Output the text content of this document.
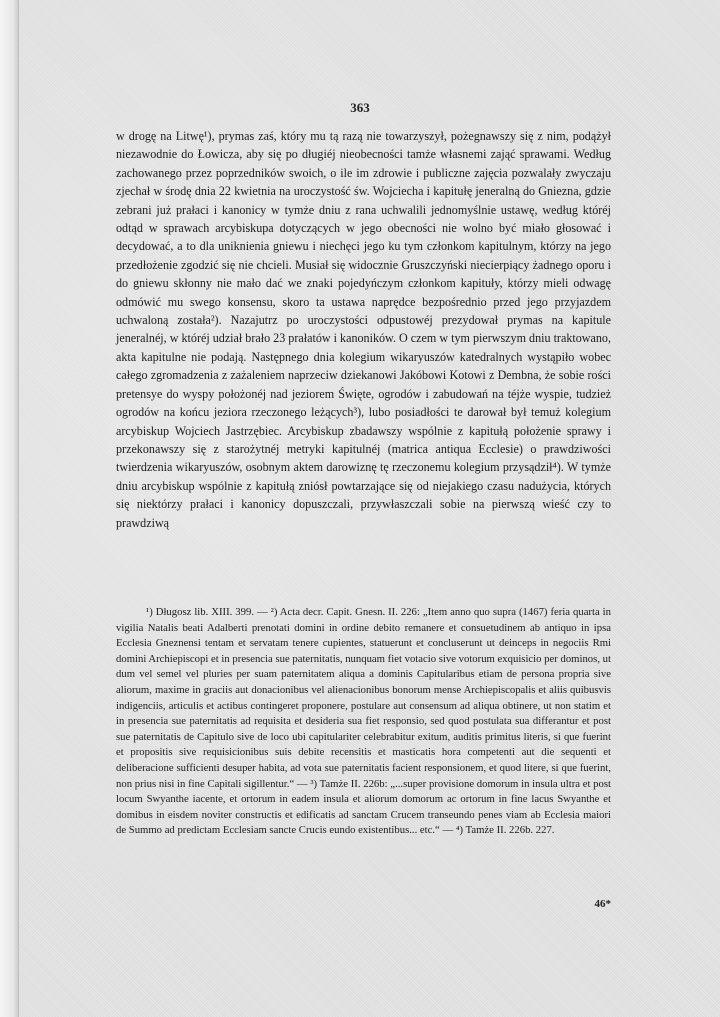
363

w drogę na Litwę¹), prymas zaś, który mu tą razą nie towarzyszył, pożegnawszy się z nim, podążył niezawodnie do Łowicza, aby się po długiéj nieobecności tamże własnemi zająć sprawami. Według zachowanego przez poprzedników swoich, o ile im zdrowie i publiczne zajęcia pozwalały zwyczaju zjechał w środę dnia 22 kwietnia na uroczystość św. Wojciecha i kapitułę jeneralną do Gniezna, gdzie zebrani już prałaci i kanonicy w tymże dniu z rana uchwalili jednomyślnie ustawę, według któréj odtąd w sprawach arcybiskupa dotyczących w jego obecności nie wolno być miało głosować i decydować, a to dla uniknienia gniewu i niechęci jego ku tym członkom kapitulnym, którzy na jego przedłożenie zgodzić się nie chcieli. Musiał się widocznie Gruszczyński niecierpiący żadnego oporu i do gniewu skłonny nie mało dać we znaki pojedyńczym członkom kapituły, którzy mieli odwagę odmówić mu swego konsensu, skoro ta ustawa naprędce bezpośrednio przed jego przyjazdem uchwaloną została²). Nazajutrz po uroczystości odpustowéj prezydował prymas na kapitule jeneralnéj, w któréj udział brało 23 prałatów i kanoników. O czem w tym pierwszym dniu traktowano, akta kapitulne nie podają. Następnego dnia kolegium wikaryuszów katedralnych wystąpiło wobec całego zgromadzenia z zażaleniem naprzeciw dziekanowi Jakóbowi Kotowi z Dembna, że sobie rości pretensye do wyspy położonéj nad jeziorem Święte, ogrodów i zabudowań na téjże wyspie, tudzież ogrodów na końcu jeziora rzeczonego leżących³), lubo posiadłości te darował był temuż kolegium arcybiskup Wojciech Jastrzębiec. Arcybiskup zbadawszy wspólnie z kapitułą położenie sprawy i przekonawszy się z starożytnéj metryki kapitulnéj (matrica antiqua Ecclesie) o prawdziwości twierdzenia wikaryuszów, osobnym aktem darowiznę tę rzeczonemu kolegium przysądził⁴). W tymże dniu arcybiskup wspólnie z kapitułą zniósł powtarzające się od niejakiego czasu nadużycia, których się niektórzy prałaci i kanonicy dopuszczali, przywłaszczali sobie na pierwszą wieść czy to prawdziwą

¹) Długosz lib. XIII. 399. — ²) Acta decr. Capit. Gnesn. II. 226: „Item anno quo supra (1467) feria quarta in vigilia Natalis beati Adalberti prenotati domini in ordine debito remanere et consuetudinem ab antiquo in ipsa Ecclesia Gneznensi tentam et servatam tenere cupientes, statuerunt et concluserunt ut deinceps in negociis Rmi domini Archiepiscopi et in presencia sue paternitatis, nunquam fiet votacio sive votorum exquisicio per dominos, ut dum vel semel vel pluries per suam paternitatem aliqua a dominis Capitularibus etiam de persona propria sive aliorum, maxime in graciis aut donacionibus vel alienacionibus bonorum mense Archiepiscopalis et aliis quibusvis indigenciis, articulis et actibus contingeret proponere, postulare aut consensum ad aliqua obtinere, ut non statim et in presencia sue paternitatis ad requisita et desideria sua fiet responsio, sed quod postulata sua differantur et post sue paternitatis de Capitulo sive de loco ubi capitulariter celebrabitur exitum, auditis primitus literis, si que fuerint et propositis sive requisicionibus suis debite recensitis et masticatis hora competenti aut die sequenti et deliberacione sufficienti desuper habita, ad vota sue paternitatis facient responsionem, et quod litere, si que fuerint, non prius nisi in fine Capitali sigillentur.“ — ³) Tamże II. 226b: „...super provisione domorum in insula ultra et post locum Swyanthe iacente, et ortorum in eadem insula et aliorum domorum ac ortorum in fine lacus Swyanthe et domibus in eisdem noviter constructis et edificatis ad sanctam Crucem transeundo penes viam ab Ecclesia maiori de Summo ad predictam Ecclesiam sancte Crucis eundo existentibus... etc.“ — ⁴) Tamże II. 226b. 227.

46*
